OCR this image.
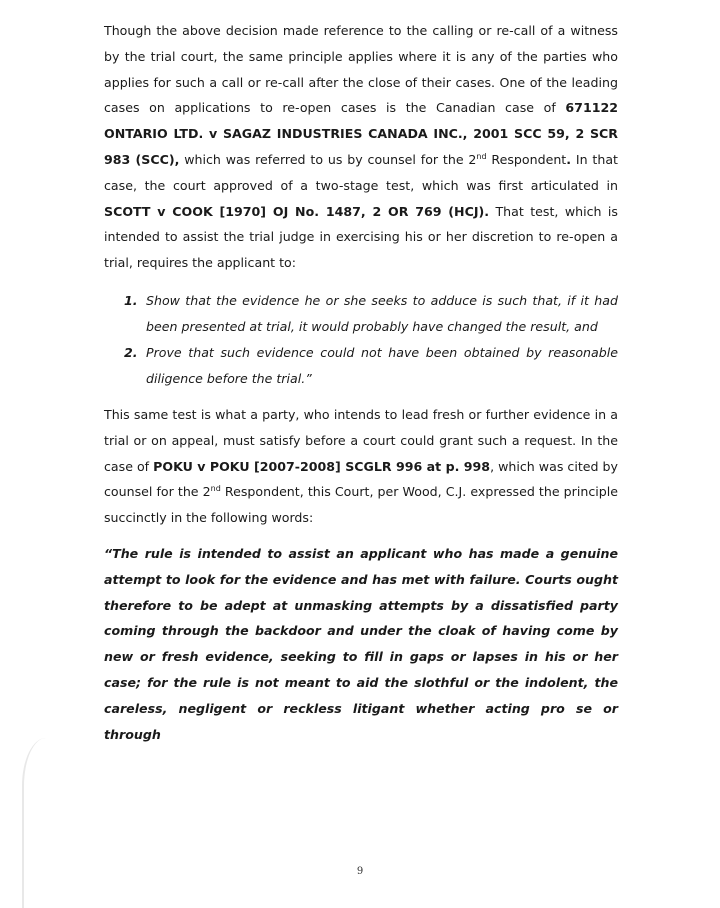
Though the above decision made reference to the calling or re-call of a witness by the trial court, the same principle applies where it is any of the parties who applies for such a call or re-call after the close of their cases. One of the leading cases on applications to re-open cases is the Canadian case of 671122 ONTARIO LTD. v SAGAZ INDUSTRIES CANADA INC., 2001 SCC 59, 2 SCR 983 (SCC), which was referred to us by counsel for the 2nd Respondent. In that case, the court approved of a two-stage test, which was first articulated in SCOTT v COOK [1970] OJ No. 1487, 2 OR 769 (HCJ). That test, which is intended to assist the trial judge in exercising his or her discretion to re-open a trial, requires the applicant to:

1. Show that the evidence he or she seeks to adduce is such that, if it had been presented at trial, it would probably have changed the result, and
2. Prove that such evidence could not have been obtained by reasonable diligence before the trial.”

This same test is what a party, who intends to lead fresh or further evidence in a trial or on appeal, must satisfy before a court could grant such a request. In the case of POKU v POKU [2007-2008] SCGLR 996 at p. 998, which was cited by counsel for the 2nd Respondent, this Court, per Wood, C.J. expressed the principle succinctly in the following words:

“The rule is intended to assist an applicant who has made a genuine attempt to look for the evidence and has met with failure. Courts ought therefore to be adept at unmasking attempts by a dissatisfied party coming through the backdoor and under the cloak of having come by new or fresh evidence, seeking to fill in gaps or lapses in his or her case; for the rule is not meant to aid the slothful or the indolent, the careless, negligent or reckless litigant whether acting pro se or through

9
